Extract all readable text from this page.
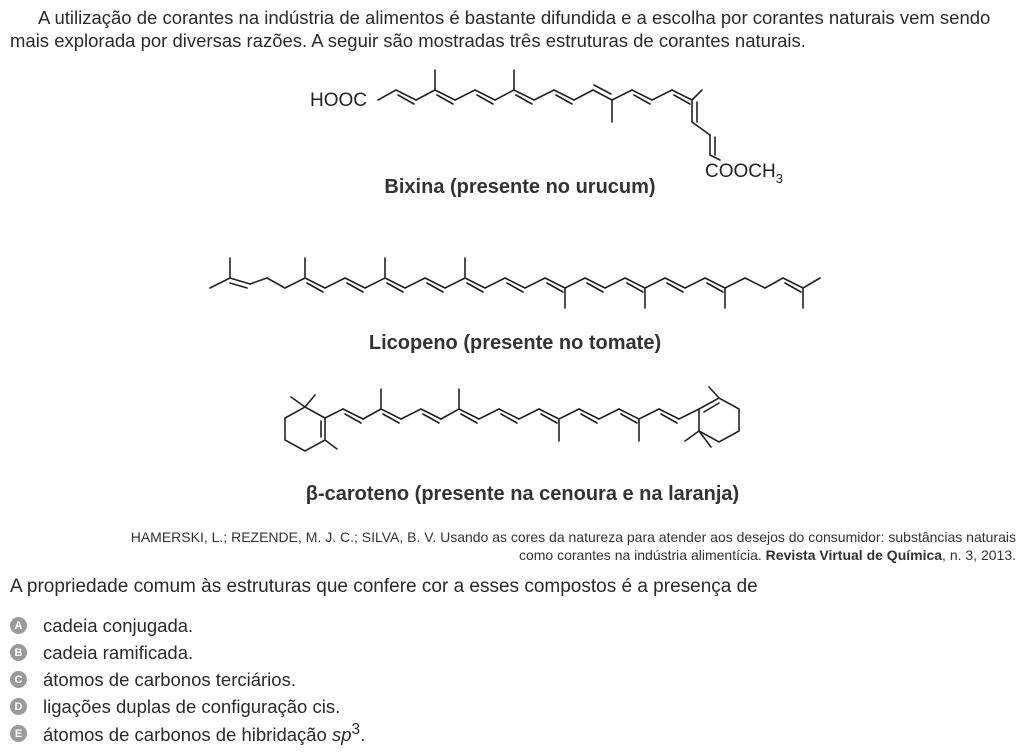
A utilização de corantes na indústria de alimentos é bastante difundida e a escolha por corantes naturais vem sendo mais explorada por diversas razões. A seguir são mostradas três estruturas de corantes naturais.

HOOC
$COOCH_3$
Bixina (presente no urucum)
Licopeno (presente no tomate)
β-caroteno (presente na cenoura e na laranja)
HAMERSKI, L.; REZENDE, M. J. C.; SILVA, B. V. Usando as cores da natureza para atender aos desejos do consumidor: substâncias naturais como corantes na indústria alimentícia. Revista Virtual de Química, n. 3, 2013.

A propriedade comum às estruturas que confere cor a esses compostos é a presença de

A cadeia conjugada.
B cadeia ramificada.
C átomos de carbonos terciários.
D ligações duplas de configuração cis.
E átomos de carbonos de hibridação $sp^3$.
